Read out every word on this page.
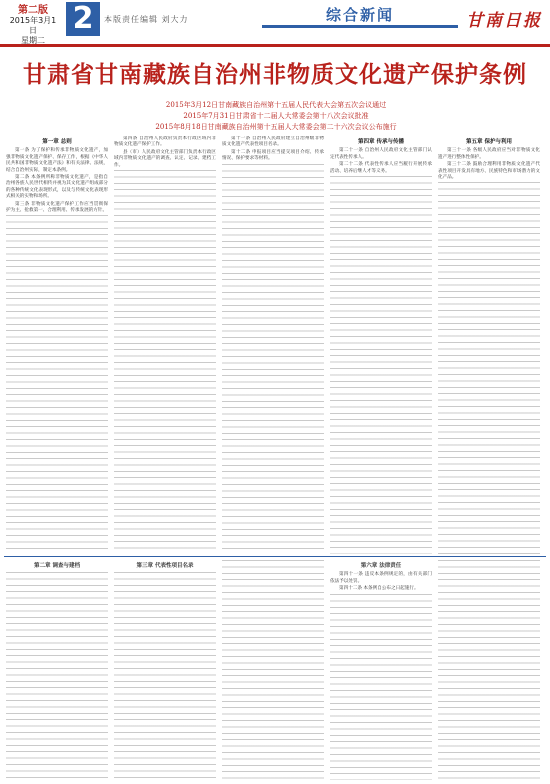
第二版
2015年3月1日
星期二
2	本版责任编辑 刘大力	综合新闻	甘南日报
甘肃省甘南藏族自治州非物质文化遗产保护条例
2015年3月12日甘南藏族自治州第十五届人民代表大会第五次会议通过
2015年7月31日甘肃省十二届人大常委会第十八次会议批准
2015年8月18日甘南藏族自治州第十五届人大常委会第二十六次会议公布施行
第一章 总则

第一条 为了保护和传承非物质文化遗产，加强非物质文化遗产保护、保存工作，根据《中华人民共和国非物质文化遗产法》和有关法律、法规，结合自治州实际，制定本条例。

第二条 本条例所称非物质文化遗产，是指自治州各族人民世代相传并视为其文化遗产组成部分的各种传统文化表现形式，以及与传统文化表现形式相关的实物和场所。

第三条 非物质文化遗产保护工作应当贯彻保护为主、抢救第一、合理利用、传承发展的方针。

第四条 自治州人民政府负责本行政区域内非物质文化遗产保护工作。

县（市）人民政府文化主管部门负责本行政区域内非物质文化遗产的调查、认定、记录、建档工作。

第十一条 自治州人民政府建立自治州级非物质文化遗产代表性项目名录。

第十二条 申报项目应当提交项目介绍、传承情况、保护要求等材料。

第四章 传承与传播

第二十一条 自治州人民政府文化主管部门认定代表性传承人。

第二十二条 代表性传承人应当履行开展传承活动、培养后继人才等义务。

第五章 保护与利用

第三十一条 各级人民政府应当对非物质文化遗产进行整体性保护。

第三十二条 鼓励合理利用非物质文化遗产代表性项目开发具有地方、民族特色和市场潜力的文化产品。

第二章 调查与建档	第三章 代表性项目名录	第六章 法律责任

第四十一条 违反本条例规定的，由有关部门依法予以处罚。

第四十二条 本条例自公布之日起施行。
